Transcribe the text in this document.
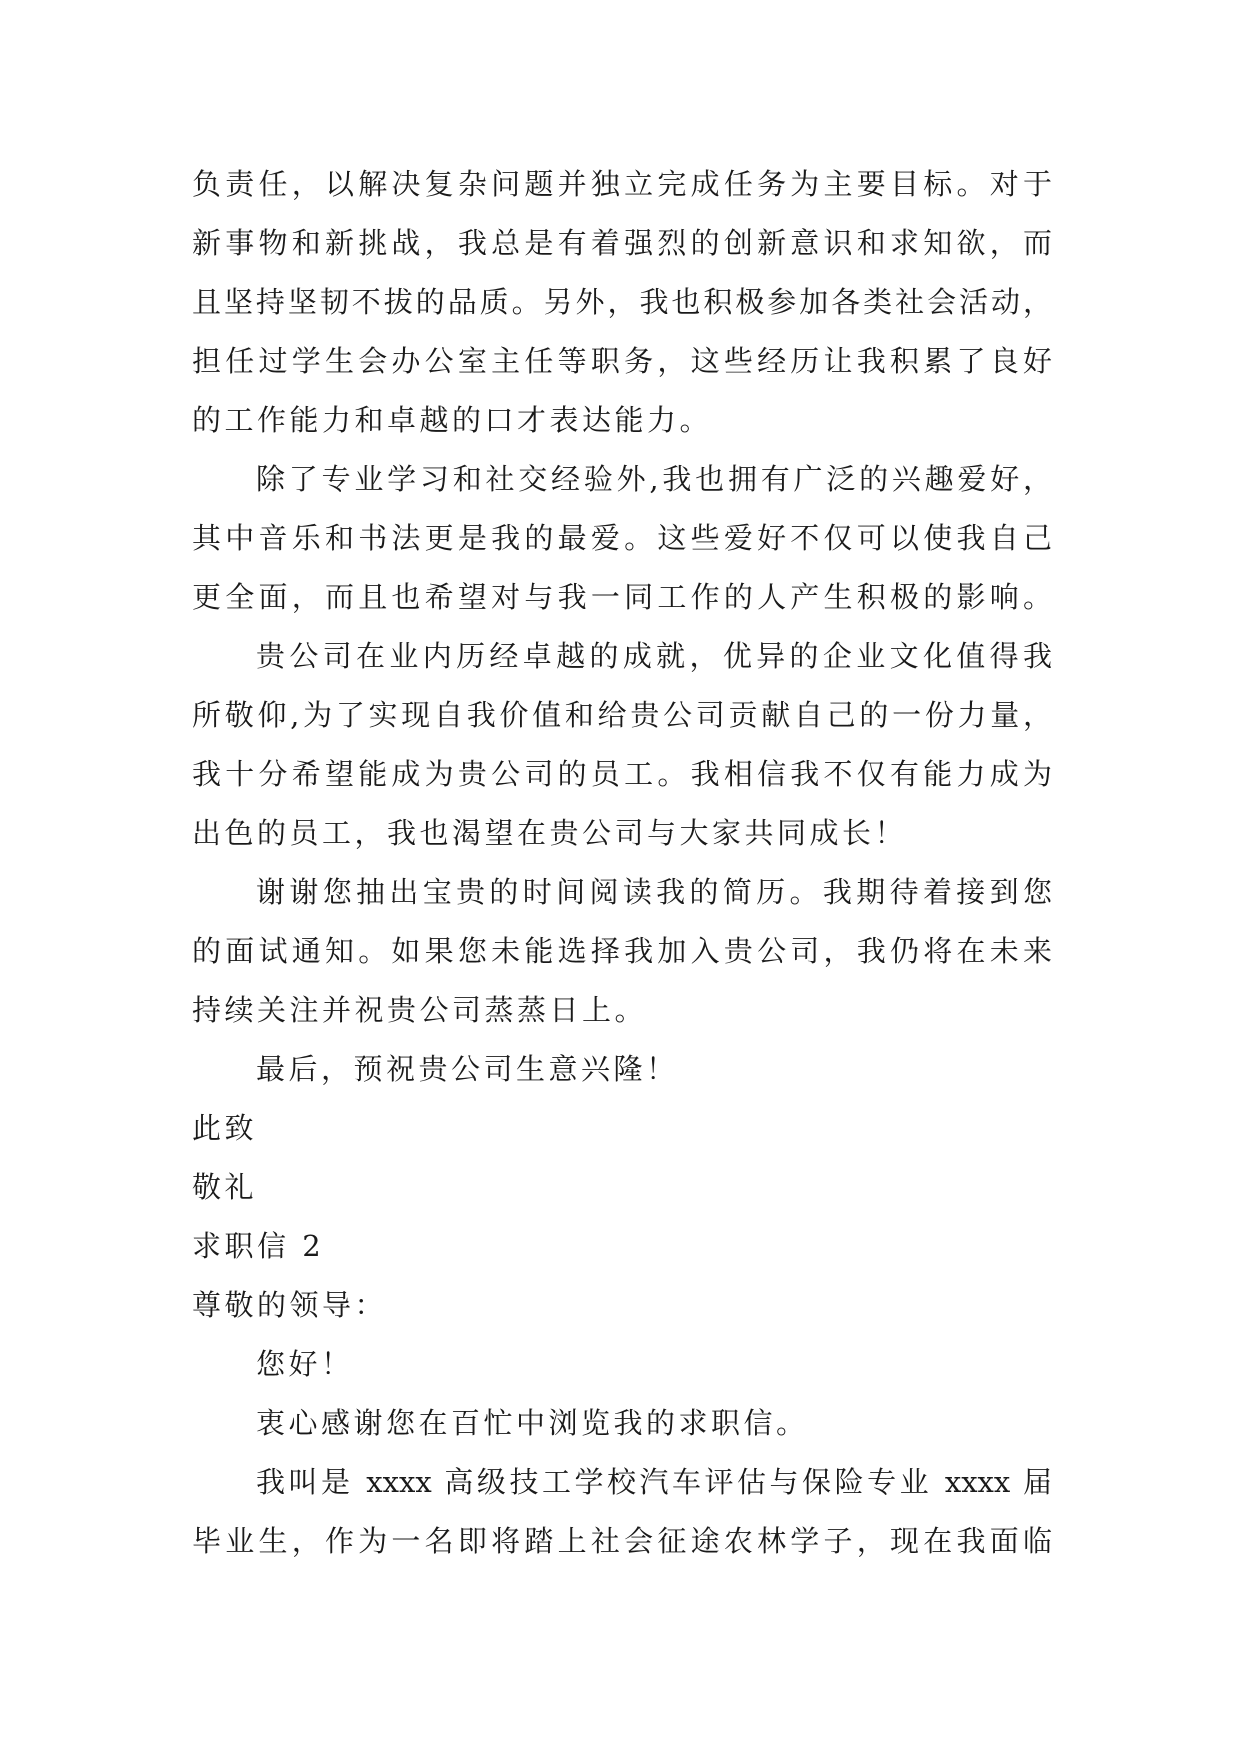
负责任，以解决复杂问题并独立完成任务为主要目标。对于
新事物和新挑战，我总是有着强烈的创新意识和求知欲，而
且坚持坚韧不拔的品质。另外，我也积极参加各类社会活动，
担任过学生会办公室主任等职务，这些经历让我积累了良好
的工作能力和卓越的口才表达能力。
除了专业学习和社交经验外,我也拥有广泛的兴趣爱好，
其中音乐和书法更是我的最爱。这些爱好不仅可以使我自己
更全面，而且也希望对与我一同工作的人产生积极的影响。
贵公司在业内历经卓越的成就，优异的企业文化值得我
所敬仰,为了实现自我价值和给贵公司贡献自己的一份力量，
我十分希望能成为贵公司的员工。我相信我不仅有能力成为
出色的员工，我也渴望在贵公司与大家共同成长！
谢谢您抽出宝贵的时间阅读我的简历。我期待着接到您
的面试通知。如果您未能选择我加入贵公司，我仍将在未来
持续关注并祝贵公司蒸蒸日上。
最后，预祝贵公司生意兴隆！
此致
敬礼
求职信 2
尊敬的领导：
您好！
衷心感谢您在百忙中浏览我的求职信。
我叫是 xxxx 高级技工学校汽车评估与保险专业 xxxx 届
毕业生，作为一名即将踏上社会征途农林学子，现在我面临
